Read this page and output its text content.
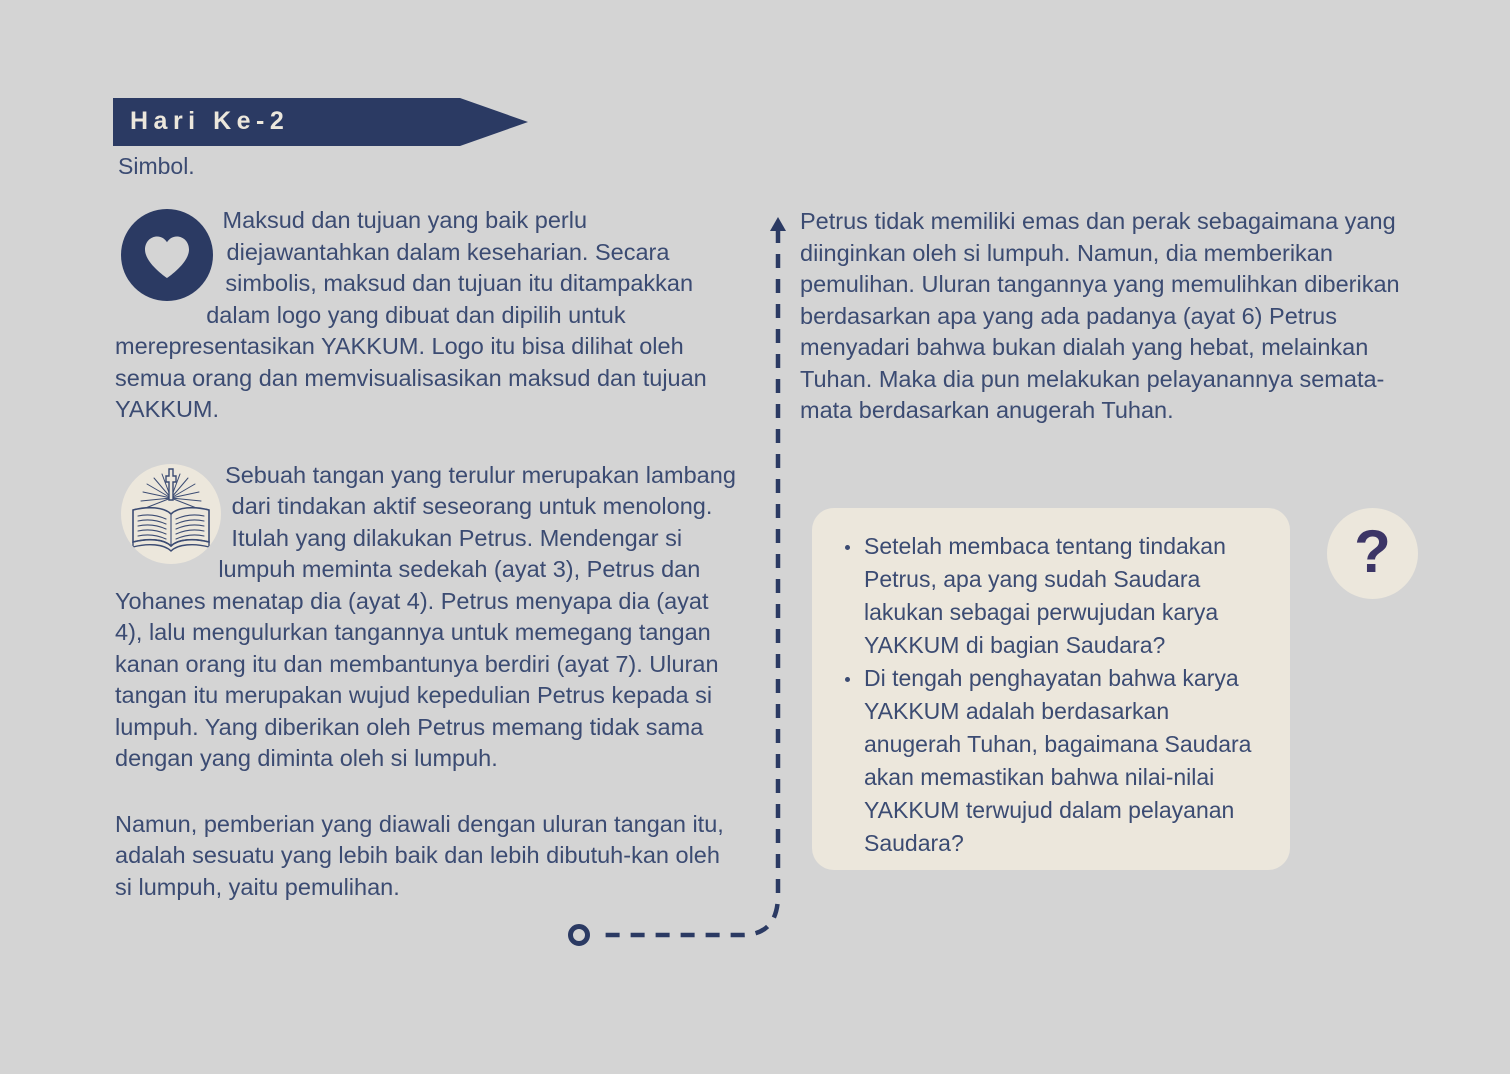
Hari Ke-2
Simbol.

Maksud dan tujuan yang baik perlu diejawantahkan dalam keseharian. Secara simbolis, maksud dan tujuan itu ditampakkan dalam logo yang dibuat dan dipilih untuk merepresentasikan YAKKUM. Logo itu bisa dilihat oleh semua orang dan memvisualisasikan maksud dan tujuan YAKKUM.

Sebuah tangan yang terulur merupakan lambang dari tindakan aktif seseorang untuk menolong. Itulah yang dilakukan Petrus. Mendengar si lumpuh meminta sedekah (ayat 3), Petrus dan Yohanes menatap dia (ayat 4). Petrus menyapa dia (ayat 4), lalu mengulurkan tangannya untuk memegang tangan kanan orang itu dan membantunya berdiri (ayat 7). Uluran tangan itu merupakan wujud kepedulian Petrus kepada si lumpuh. Yang diberikan oleh Petrus memang tidak sama dengan yang diminta oleh si lumpuh.

Namun, pemberian yang diawali dengan uluran tangan itu, adalah sesuatu yang lebih baik dan lebih dibutuh-kan oleh si lumpuh, yaitu pemulihan.

Petrus tidak memiliki emas dan perak sebagaimana yang diinginkan oleh si lumpuh. Namun, dia memberikan pemulihan. Uluran tangannya yang memulihkan diberikan berdasarkan apa yang ada padanya (ayat 6) Petrus menyadari bahwa bukan dialah yang hebat, melainkan Tuhan. Maka dia pun melakukan pelayanannya semata-mata berdasarkan anugerah Tuhan.

Setelah membaca tentang tindakan Petrus, apa yang sudah Saudara lakukan sebagai perwujudan karya YAKKUM di bagian Saudara?
Di tengah penghayatan bahwa karya YAKKUM adalah berdasarkan anugerah Tuhan, bagaimana Saudara akan memastikan bahwa nilai-nilai YAKKUM terwujud dalam pelayanan Saudara?
?
